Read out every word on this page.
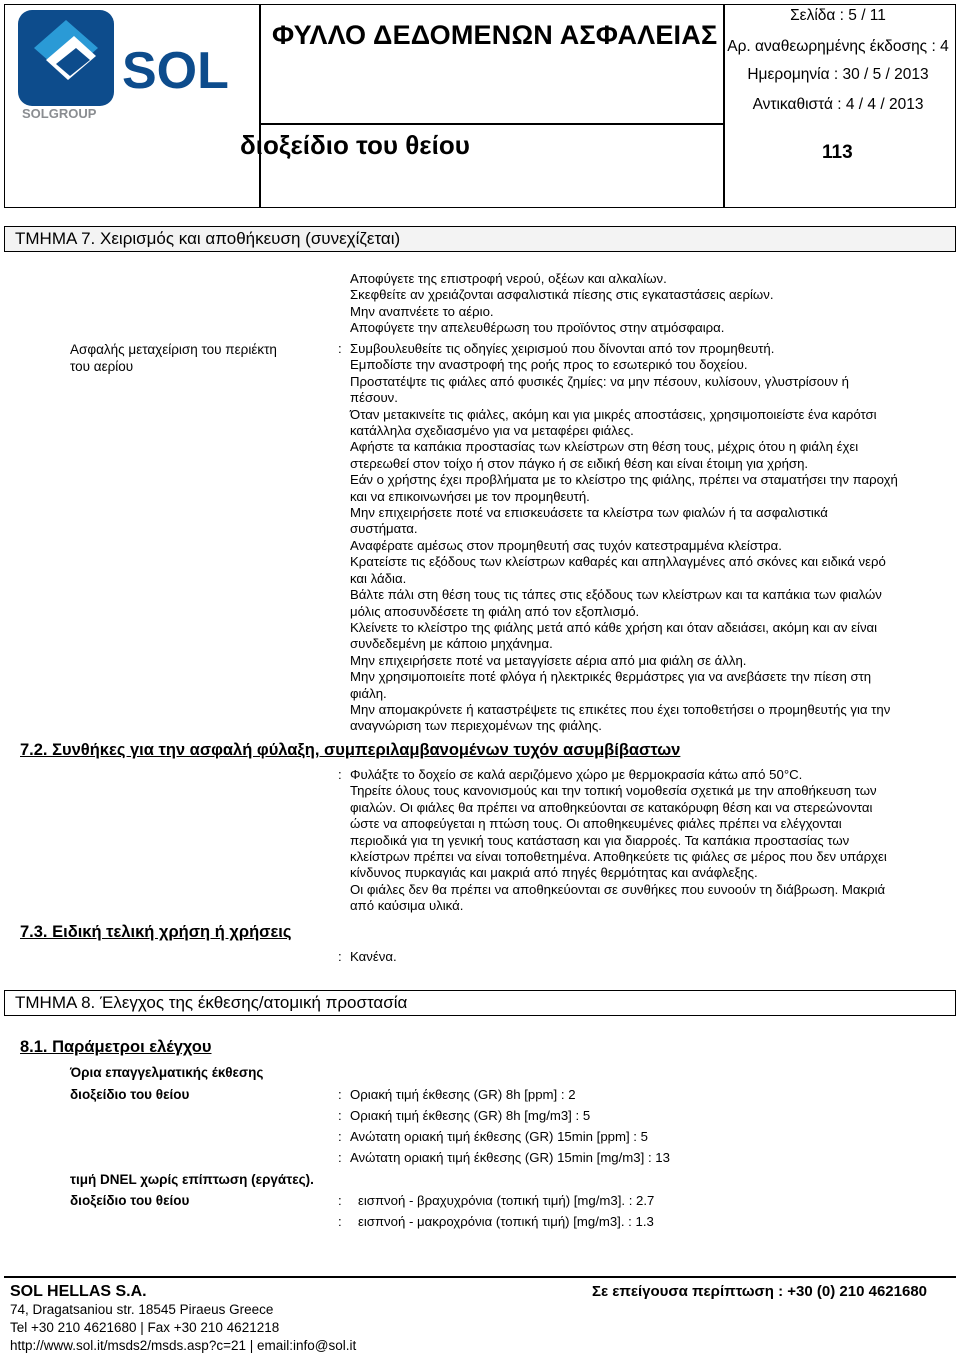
SOL
SOLGROUP
ΦΥΛΛΟ ΔΕΔΟΜΕΝΩΝ ΑΣΦΑΛΕΙΑΣ
διοξείδιο του θείου
Σελίδα : 5 / 11
Αρ. αναθεωρημένης έκδοσης : 4
Ημερομηνία : 30 / 5 / 2013
Αντικαθιστά : 4 / 4 / 2013
113
ΤΜΗΜΑ 7. Χειρισμός και αποθήκευση (συνεχίζεται)
Αποφύγετε της επιστροφή νερού, οξέων και αλκαλίων.
Σκεφθείτε αν χρειάζονται ασφαλιστικά πίεσης στις εγκαταστάσεις αερίων.
Μην αναπνέετε το αέριο.
Αποφύγετε την απελευθέρωση του προϊόντος στην ατμόσφαιρα.
Ασφαλής μεταχείριση του περιέκτη
του αερίου
: Συμβουλευθείτε τις οδηγίες χειρισμού που δίνονται από τον προμηθευτή.
Εμποδίστε την αναστροφή της ροής προς το εσωτερικό του δοχείου.
Προστατέψτε τις φιάλες από φυσικές ζημίες: να μην πέσουν, κυλίσουν, γλυστρίσουν ή
πέσουν.
Όταν μετακινείτε τις φιάλες, ακόμη και για μικρές αποστάσεις, χρησιμοποιείστε ένα καρότσι
κατάλληλα σχεδιασμένο για να μεταφέρει φιάλες.
Αφήστε τα καπάκια προστασίας των κλείστρων στη θέση τους, μέχρις ότου η φιάλη έχει
στερεωθεί στον τοίχο ή στον πάγκο ή σε ειδική θέση και είναι έτοιμη για χρήση.
Εάν ο χρήστης έχει προβλήματα με το κλείστρο της φιάλης, πρέπει να σταματήσει την παροχή
και να επικοινωνήσει με τον προμηθευτή.
Μην επιχειρήσετε ποτέ να επισκευάσετε τα κλείστρα των φιαλών ή τα ασφαλιστικά
συστήματα.
Αναφέρατε αμέσως στον προμηθευτή σας τυχόν κατεστραμμένα κλείστρα.
Κρατείστε τις εξόδους των κλείστρων καθαρές και απηλλαγμένες από σκόνες και ειδικά νερό
και λάδια.
Βάλτε πάλι στη θέση τους τις τάπες στις εξόδους των κλείστρων και τα καπάκια των φιαλών
μόλις αποσυνδέσετε τη φιάλη από τον εξοπλισμό.
Κλείνετε το κλείστρο της φιάλης μετά από κάθε χρήση και όταν αδειάσει, ακόμη και αν είναι
συνδεδεμένη με κάποιο μηχάνημα.
Μην επιχειρήσετε ποτέ να μεταγγίσετε αέρια από μια φιάλη σε άλλη.
Μην χρησιμοποιείτε ποτέ φλόγα ή ηλεκτρικές θερμάστρες για να ανεβάσετε την πίεση στη
φιάλη.
Μην απομακρύνετε ή καταστρέψετε τις επικέτες που έχει τοποθετήσει ο προμηθευτής για την
αναγνώριση των περιεχομένων της φιάλης.
7.2. Συνθήκες για την ασφαλή φύλαξη, συμπεριλαμβανομένων τυχόν ασυμβίβαστων
: Φυλάξτε το δοχείο σε καλά αεριζόμενο χώρο με θερμοκρασία κάτω από 50°C.
Τηρείτε όλους τους κανονισμούς και την τοπική νομοθεσία σχετικά με την αποθήκευση των
φιαλών. Οι φιάλες θα πρέπει να αποθηκεύονται σε κατακόρυφη θέση και να στερεώνονται
ώστε να αποφεύγεται η πτώση τους. Οι αποθηκευμένες φιάλες πρέπει να ελέγχονται
περιοδικά για τη γενική τους κατάσταση και για διαρροές. Τα καπάκια προστασίας των
κλείστρων πρέπει να είναι τοποθετημένα. Αποθηκεύετε τις φιάλες σε μέρος που δεν υπάρχει
κίνδυνος πυρκαγιάς και μακριά από πηγές θερμότητας και ανάφλεξης.
Οι φιάλες δεν θα πρέπει να αποθηκεύονται σε συνθήκες που ευνοούν τη διάβρωση. Μακριά
από καύσιμα υλικά.
7.3. Ειδική τελική χρήση ή χρήσεις
: Κανένα.
ΤΜΗΜΑ 8. Έλεγχος της έκθεσης/ατομική προστασία
8.1. Παράμετροι ελέγχου
Όρια επαγγελματικής έκθεσης
διοξείδιο του θείου	: Οριακή τιμή έκθεσης (GR) 8h [ppm] : 2
: Οριακή τιμή έκθεσης (GR) 8h [mg/m3] : 5
: Ανώτατη οριακή τιμή έκθεσης (GR) 15min [ppm] : 5
: Ανώτατη οριακή τιμή έκθεσης (GR) 15min [mg/m3] : 13
τιμή DNEL χωρίς επίπτωση (εργάτες).
διοξείδιο του θείου	: εισπνοή - βραχυχρόνια (τοπική τιμή) [mg/m3]. : 2.7
: εισπνοή - μακροχρόνια (τοπική τιμή) [mg/m3]. : 1.3
SOL HELLAS S.A.	Σε επείγουσα περίπτωση : +30 (0) 210 4621680
74, Dragatsaniou str. 18545 Piraeus Greece
Tel +30 210 4621680 | Fax +30 210 4621218
http://www.sol.it/msds2/msds.asp?c=21 | email:info@sol.it
